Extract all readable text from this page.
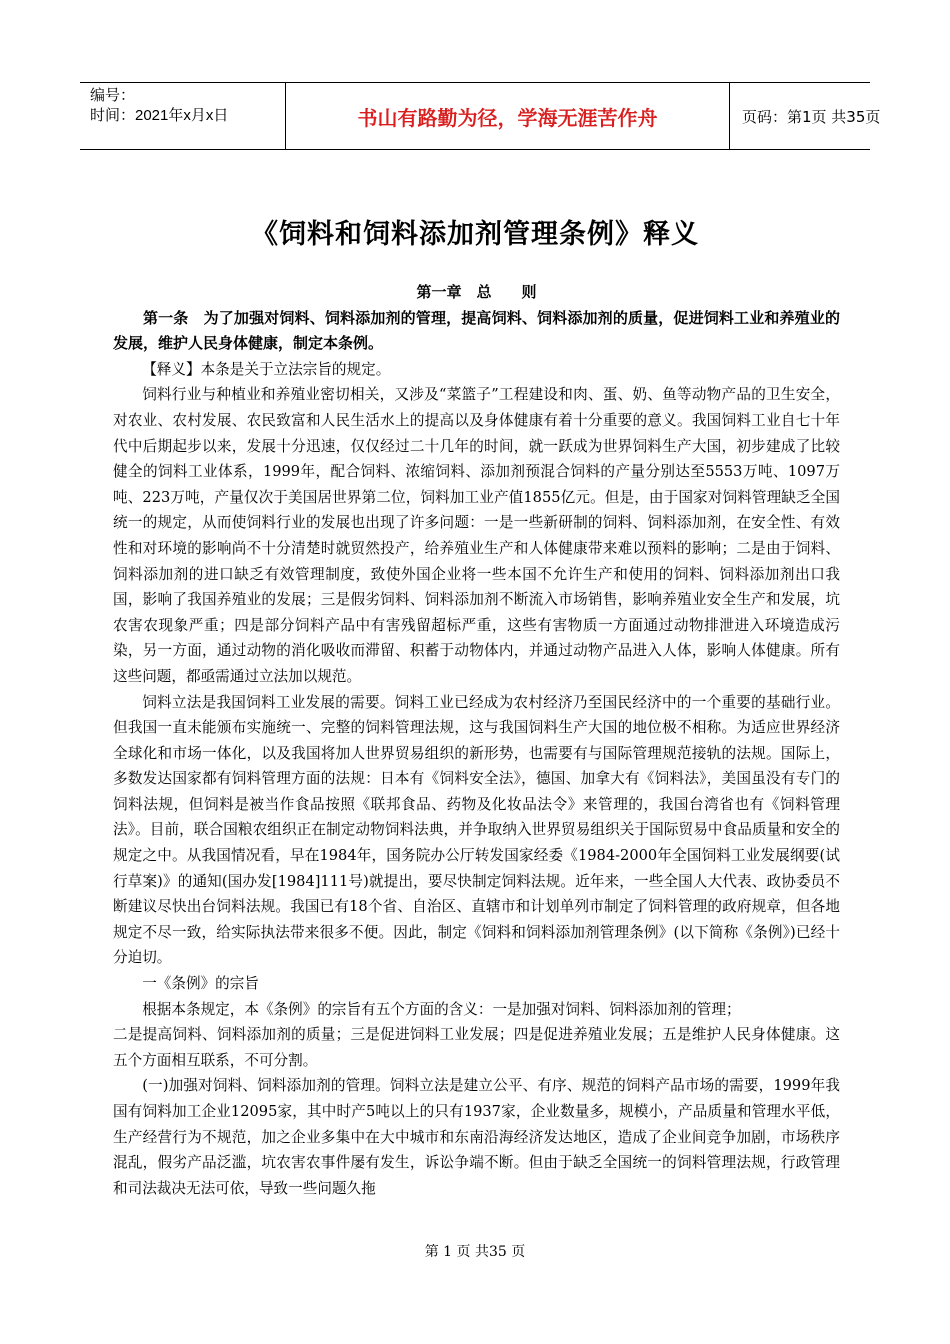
编号：
时间：2021年x月x日	书山有路勤为径，学海无涯苦作舟	页码：第1页 共35页
《饲料和饲料添加剂管理条例》释义

第一章　总　　则

第一条　为了加强对饲料、饲料添加剂的管理，提高饲料、饲料添加剂的质量，促进饲料工业和养殖业的发展，维护人民身体健康，制定本条例。

【释义】本条是关于立法宗旨的规定。

饲料行业与种植业和养殖业密切相关，又涉及“菜篮子”工程建设和肉、蛋、奶、鱼等动物产品的卫生安全，对农业、农村发展、农民致富和人民生活水上的提高以及身体健康有着十分重要的意义。我国饲料工业自七十年代中后期起步以来，发展十分迅速，仅仅经过二十几年的时间，就一跃成为世界饲料生产大国，初步建成了比较健全的饲料工业体系，1999年，配合饲料、浓缩饲料、添加剂预混合饲料的产量分别达至5553万吨、1097万吨、223万吨，产量仅次于美国居世界第二位，饲料加工业产值1855亿元。但是，由于国家对饲料管理缺乏全国统一的规定，从而使饲料行业的发展也出现了许多问题：一是一些新研制的饲料、饲料添加剂，在安全性、有效性和对环境的影响尚不十分清楚时就贸然投产，给养殖业生产和人体健康带来难以预料的影响；二是由于饲料、饲料添加剂的进口缺乏有效管理制度，致使外国企业将一些本国不允许生产和使用的饲料、饲料添加剂出口我国，影响了我国养殖业的发展；三是假劣饲料、饲料添加剂不断流入市场销售，影响养殖业安全生产和发展，坑农害农现象严重；四是部分饲料产品中有害残留超标严重，这些有害物质一方面通过动物排泄进入环境造成污染，另一方面，通过动物的消化吸收而滞留、积蓄于动物体内，并通过动物产品进入人体，影响人体健康。所有这些问题，都亟需通过立法加以规范。

饲料立法是我国饲料工业发展的需要。饲料工业已经成为农村经济乃至国民经济中的一个重要的基础行业。但我国一直未能颁布实施统一、完整的饲料管理法规，这与我国饲料生产大国的地位极不相称。为适应世界经济全球化和市场一体化，以及我国将加人世界贸易组织的新形势，也需要有与国际管理规范接轨的法规。国际上，多数发达国家都有饲料管理方面的法规：日本有《饲料安全法》，德国、加拿大有《饲料法》，美国虽没有专门的饲料法规，但饲料是被当作食品按照《联邦食品、药物及化妆品法令》来管理的，我国台湾省也有《饲料管理法》。目前，联合国粮农组织正在制定动物饲料法典，并争取纳入世界贸易组织关于国际贸易中食品质量和安全的规定之中。从我国情况看，早在1984年，国务院办公厅转发国家经委《1984-2000年全国饲料工业发展纲要(试行草案)》的通知(国办发[1984]111号)就提出，要尽快制定饲料法规。近年来，一些全国人大代表、政协委员不断建议尽快出台饲料法规。我国已有18个省、自治区、直辖市和计划单列市制定了饲料管理的政府规章，但各地规定不尽一致，给实际执法带来很多不便。因此，制定《饲料和饲料添加剂管理条例》(以下简称《条例》)已经十分迫切。

一《条例》的宗旨

根据本条规定，本《条例》的宗旨有五个方面的含义：一是加强对饲料、饲料添加剂的管理；

二是提高饲料、饲料添加剂的质量；三是促进饲料工业发展；四是促进养殖业发展；五是维护人民身体健康。这五个方面相互联系，不可分割。

(一)加强对饲料、饲料添加剂的管理。饲料立法是建立公平、有序、规范的饲料产品市场的需要，1999年我国有饲料加工企业12095家，其中时产5吨以上的只有1937家，企业数量多，规模小，产品质量和管理水平低，生产经营行为不规范，加之企业多集中在大中城市和东南沿海经济发达地区，造成了企业间竞争加剧，市场秩序混乱，假劣产品泛滥，坑农害农事件屡有发生，诉讼争端不断。但由于缺乏全国统一的饲料管理法规，行政管理和司法裁决无法可依，导致一些问题久拖

第 1 页 共35 页
